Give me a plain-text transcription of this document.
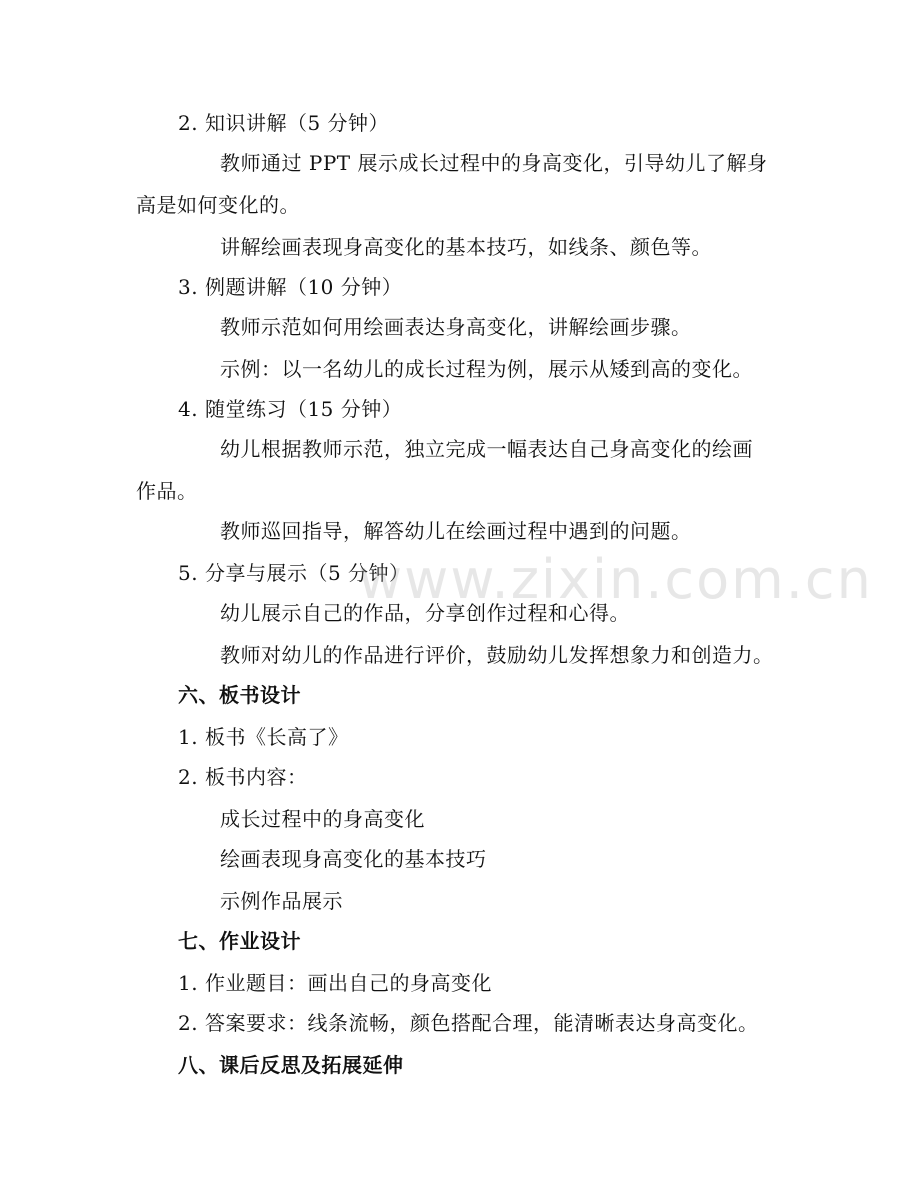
2. 知识讲解（5 分钟）
教师通过 PPT 展示成长过程中的身高变化，引导幼儿了解身
高是如何变化的。
讲解绘画表现身高变化的基本技巧，如线条、颜色等。
3. 例题讲解（10 分钟）
教师示范如何用绘画表达身高变化，讲解绘画步骤。
示例：以一名幼儿的成长过程为例，展示从矮到高的变化。
4. 随堂练习（15 分钟）
幼儿根据教师示范，独立完成一幅表达自己身高变化的绘画
作品。
教师巡回指导，解答幼儿在绘画过程中遇到的问题。
5. 分享与展示（5 分钟）
幼儿展示自己的作品，分享创作过程和心得。
教师对幼儿的作品进行评价，鼓励幼儿发挥想象力和创造力。
六、板书设计
1. 板书《长高了》
2. 板书内容：
成长过程中的身高变化
绘画表现身高变化的基本技巧
示例作品展示
七、作业设计
1. 作业题目：画出自己的身高变化
2. 答案要求：线条流畅，颜色搭配合理，能清晰表达身高变化。
八、课后反思及拓展延伸
www.zixin.com.cn
